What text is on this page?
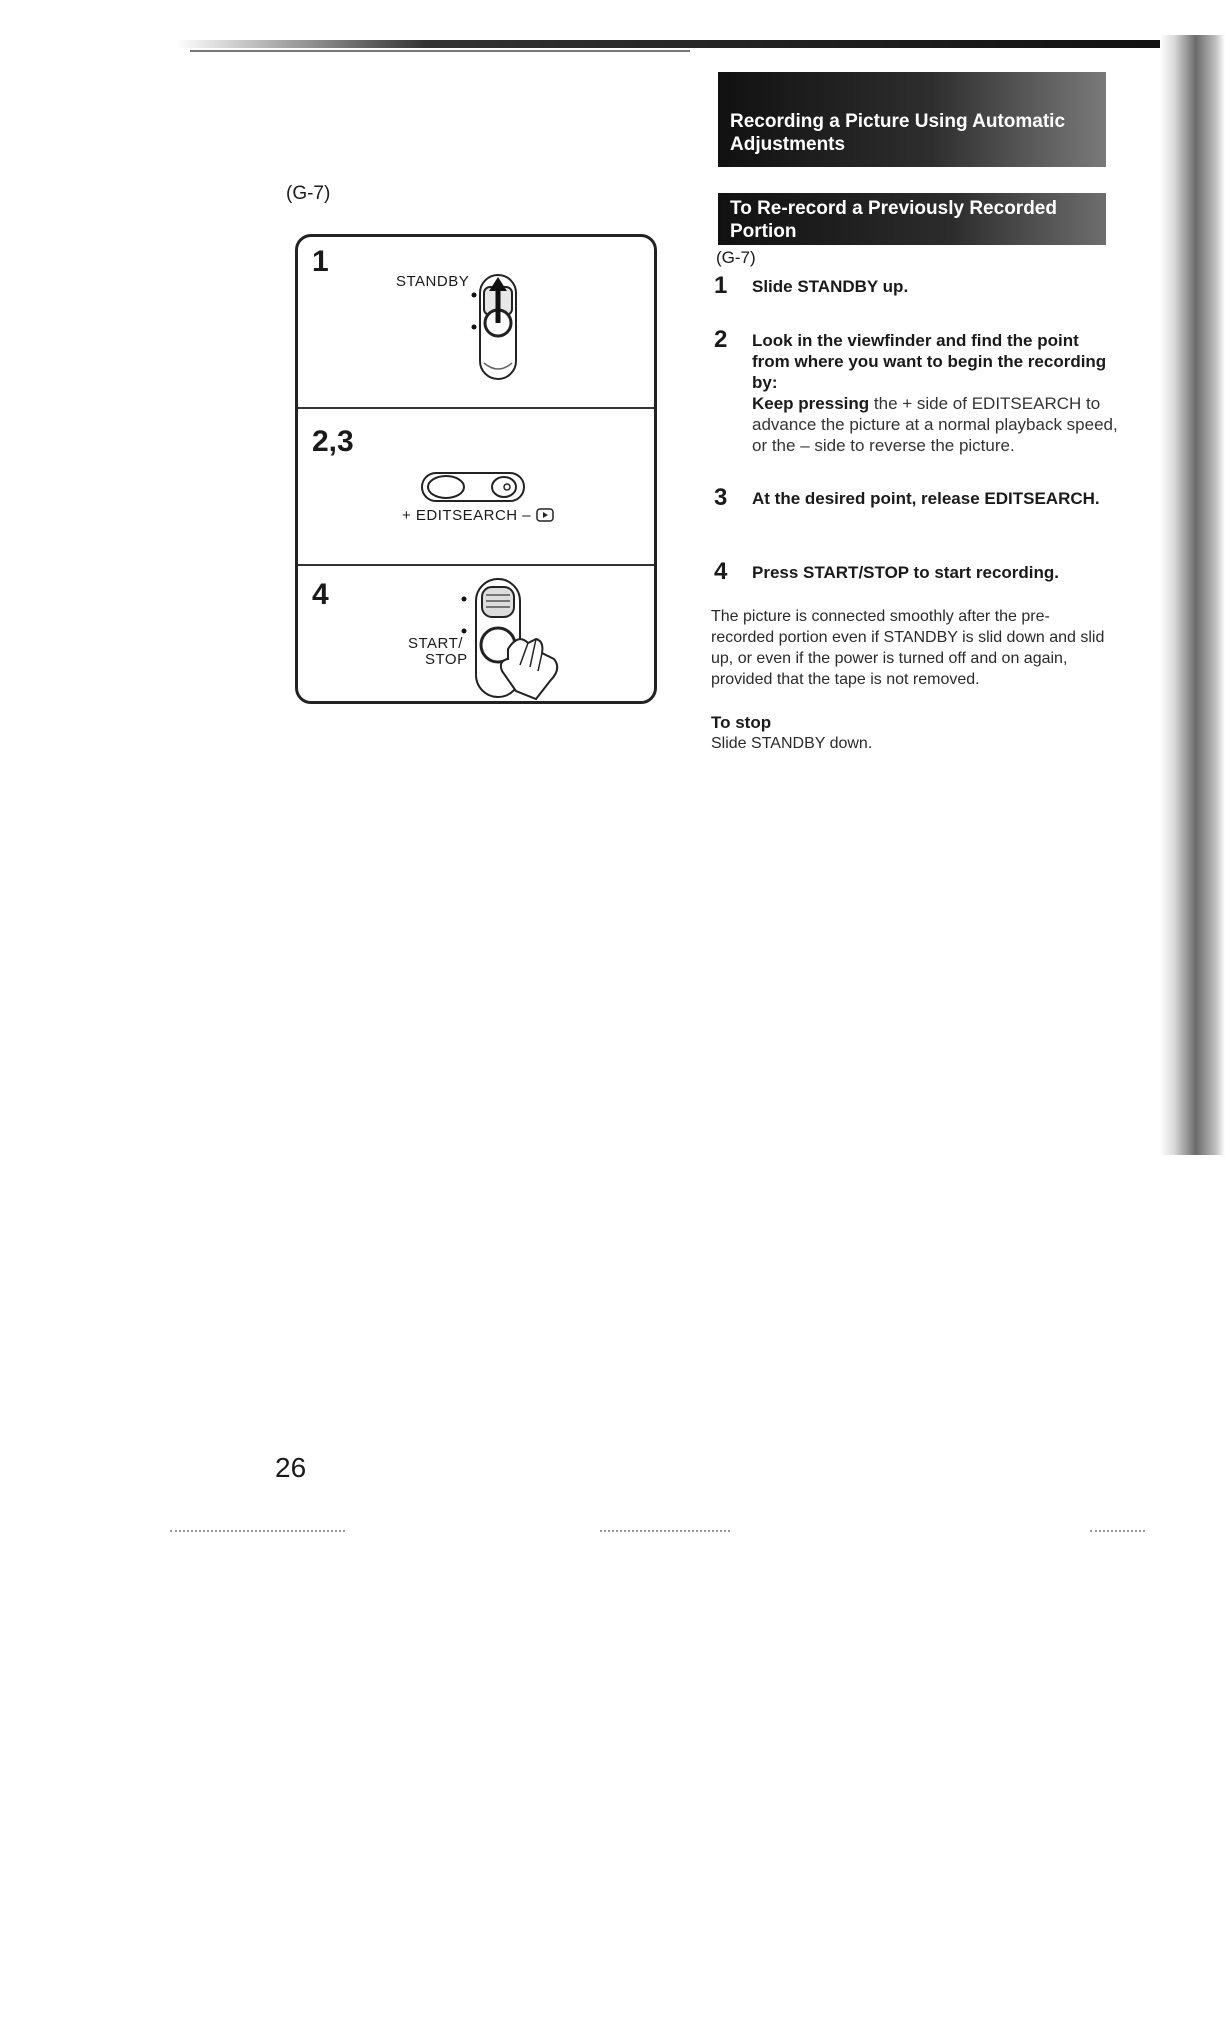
(G-7)
1
2,3
4
STANDBY
+ EDITSEARCH –
START/
STOP
Recording a Picture Using Automatic Adjustments
To Re-record a Previously Recorded Portion
(G-7)
1 Slide STANDBY up.
2 Look in the viewfinder and find the point from where you want to begin the recording by:
Keep pressing the + side of EDITSEARCH to advance the picture at a normal playback speed, or the – side to reverse the picture.
3 At the desired point, release EDITSEARCH.
4 Press START/STOP to start recording.
The picture is connected smoothly after the pre-recorded portion even if STANDBY is slid down and slid up, or even if the power is turned off and on again, provided that the tape is not removed.
To stop
Slide STANDBY down.
26
